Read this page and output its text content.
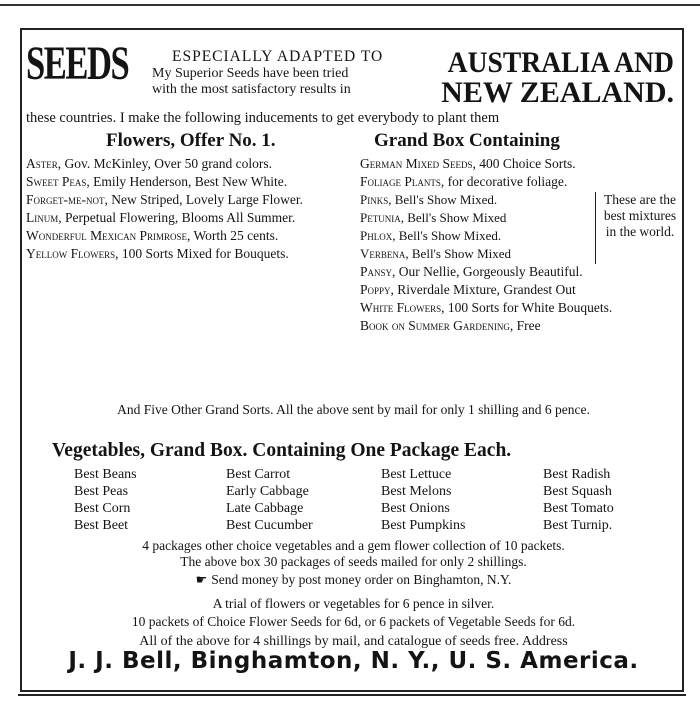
SEEDS	ESPECIALLY ADAPTED TO
My Superior Seeds have been tried
with the most satisfactory results in
AUSTRALIA AND
NEW ZEALAND.
these countries. I make the following inducements to get everybody to plant them
Flowers, Offer No. 1.	Grand Box Containing
Aster, Gov. McKinley, Over 50 grand colors.
Sweet Peas, Emily Henderson, Best New White.
Forget-me-not, New Striped, Lovely Large Flower.
Linum, Perpetual Flowering, Blooms All Summer.
Wonderful Mexican Primrose, Worth 25 cents.
Yellow Flowers, 100 Sorts Mixed for Bouquets.
German Mixed Seeds, 400 Choice Sorts.
Foliage Plants, for decorative foliage.
Pinks, Bell's Show Mixed.
Petunia, Bell's Show Mixed
Phlox, Bell's Show Mixed.
Verbena, Bell's Show Mixed
These are the best mixtures in the world.
Pansy, Our Nellie, Gorgeously Beautiful.
Poppy, Riverdale Mixture, Grandest Out
White Flowers, 100 Sorts for White Bouquets.
Book on Summer Gardening, Free
And Five Other Grand Sorts. All the above sent by mail for only 1 shilling and 6 pence.
Vegetables, Grand Box. Containing One Package Each.
Best Beans	Best Carrot	Best Lettuce	Best Radish
Best Peas	Early Cabbage	Best Melons	Best Squash
Best Corn	Late Cabbage	Best Onions	Best Tomato
Best Beet	Best Cucumber	Best Pumpkins	Best Turnip.
4 packages other choice vegetables and a gem flower collection of 10 packets.
The above box 30 packages of seeds mailed for only 2 shillings.
☛ Send money by post money order on Binghamton, N.Y.
A trial of flowers or vegetables for 6 pence in silver.
10 packets of Choice Flower Seeds for 6d, or 6 packets of Vegetable Seeds for 6d.
All of the above for 4 shillings by mail, and catalogue of seeds free. Address
J. J. Bell, Binghamton, N. Y., U. S. America.
